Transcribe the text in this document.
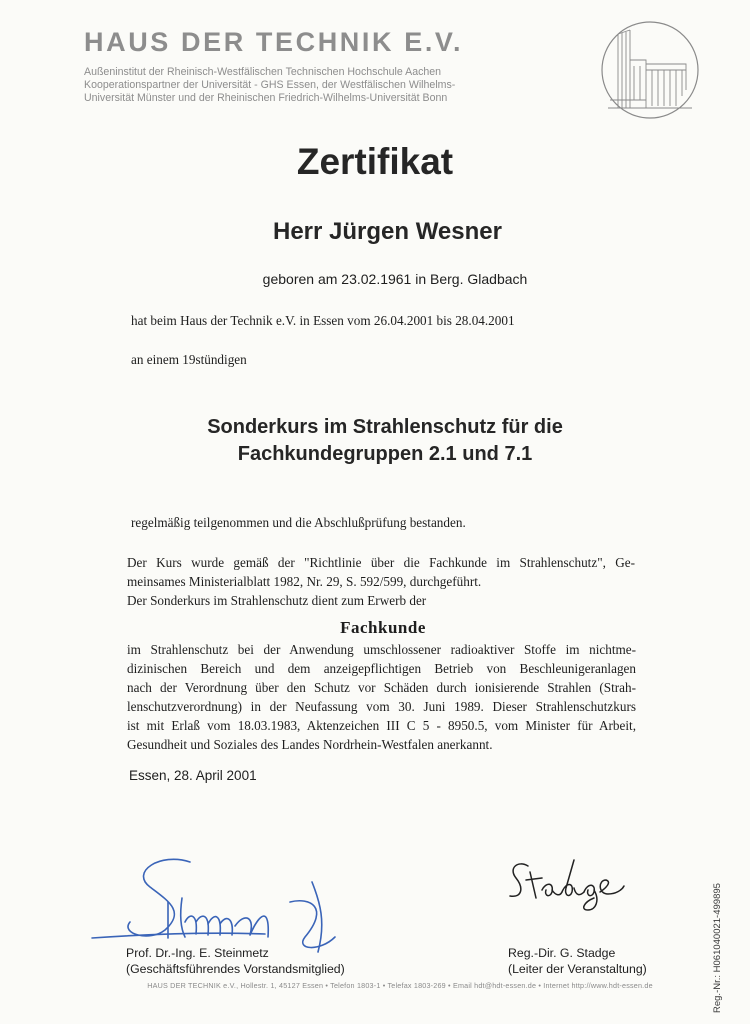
HAUS DER TECHNIK E.V.
Außeninstitut der Rheinisch-Westfälischen Technischen Hochschule Aachen
Kooperationspartner der Universität - GHS Essen, der Westfälischen Wilhelms-
Universität Münster und der Rheinischen Friedrich-Wilhelms-Universität Bonn
Zertifikat
Herr Jürgen Wesner
geboren am 23.02.1961 in Berg. Gladbach
hat beim Haus der Technik e.V. in Essen vom 26.04.2001 bis 28.04.2001
an einem 19stündigen
Sonderkurs im Strahlenschutz für die
Fachkundegruppen 2.1 und 7.1
regelmäßig teilgenommen und die Abschlußprüfung bestanden.
Der Kurs wurde gemäß der "Richtlinie über die Fachkunde im Strahlenschutz", Ge-
meinsames Ministerialblatt 1982, Nr. 29, S. 592/599, durchgeführt.
Der Sonderkurs im Strahlenschutz dient zum Erwerb der
Fachkunde
im Strahlenschutz bei der Anwendung umschlossener radioaktiver Stoffe im nichtme-
dizinischen Bereich und dem anzeigepflichtigen Betrieb von Beschleunigeranlagen
nach der Verordnung über den Schutz vor Schäden durch ionisierende Strahlen (Strah-
lenschutzverordnung) in der Neufassung vom 30. Juni 1989. Dieser Strahlenschutzkurs
ist mit Erlaß vom 18.03.1983, Aktenzeichen III C 5 - 8950.5, vom Minister für Arbeit,
Gesundheit und Soziales des Landes Nordrhein-Westfalen anerkannt.
Essen, 28. April 2001
Prof. Dr.-Ing. E. Steinmetz
(Geschäftsführendes Vorstandsmitglied)
Reg.-Dir. G. Stadge
(Leiter der Veranstaltung)
HAUS DER TECHNIK e.V., Hollestr. 1, 45127 Essen • Telefon 1803-1 • Telefax 1803-269 • Email hdt@hdt-essen.de • Internet http://www.hdt-essen.de	Reg.-Nr.: H061040021-499895
